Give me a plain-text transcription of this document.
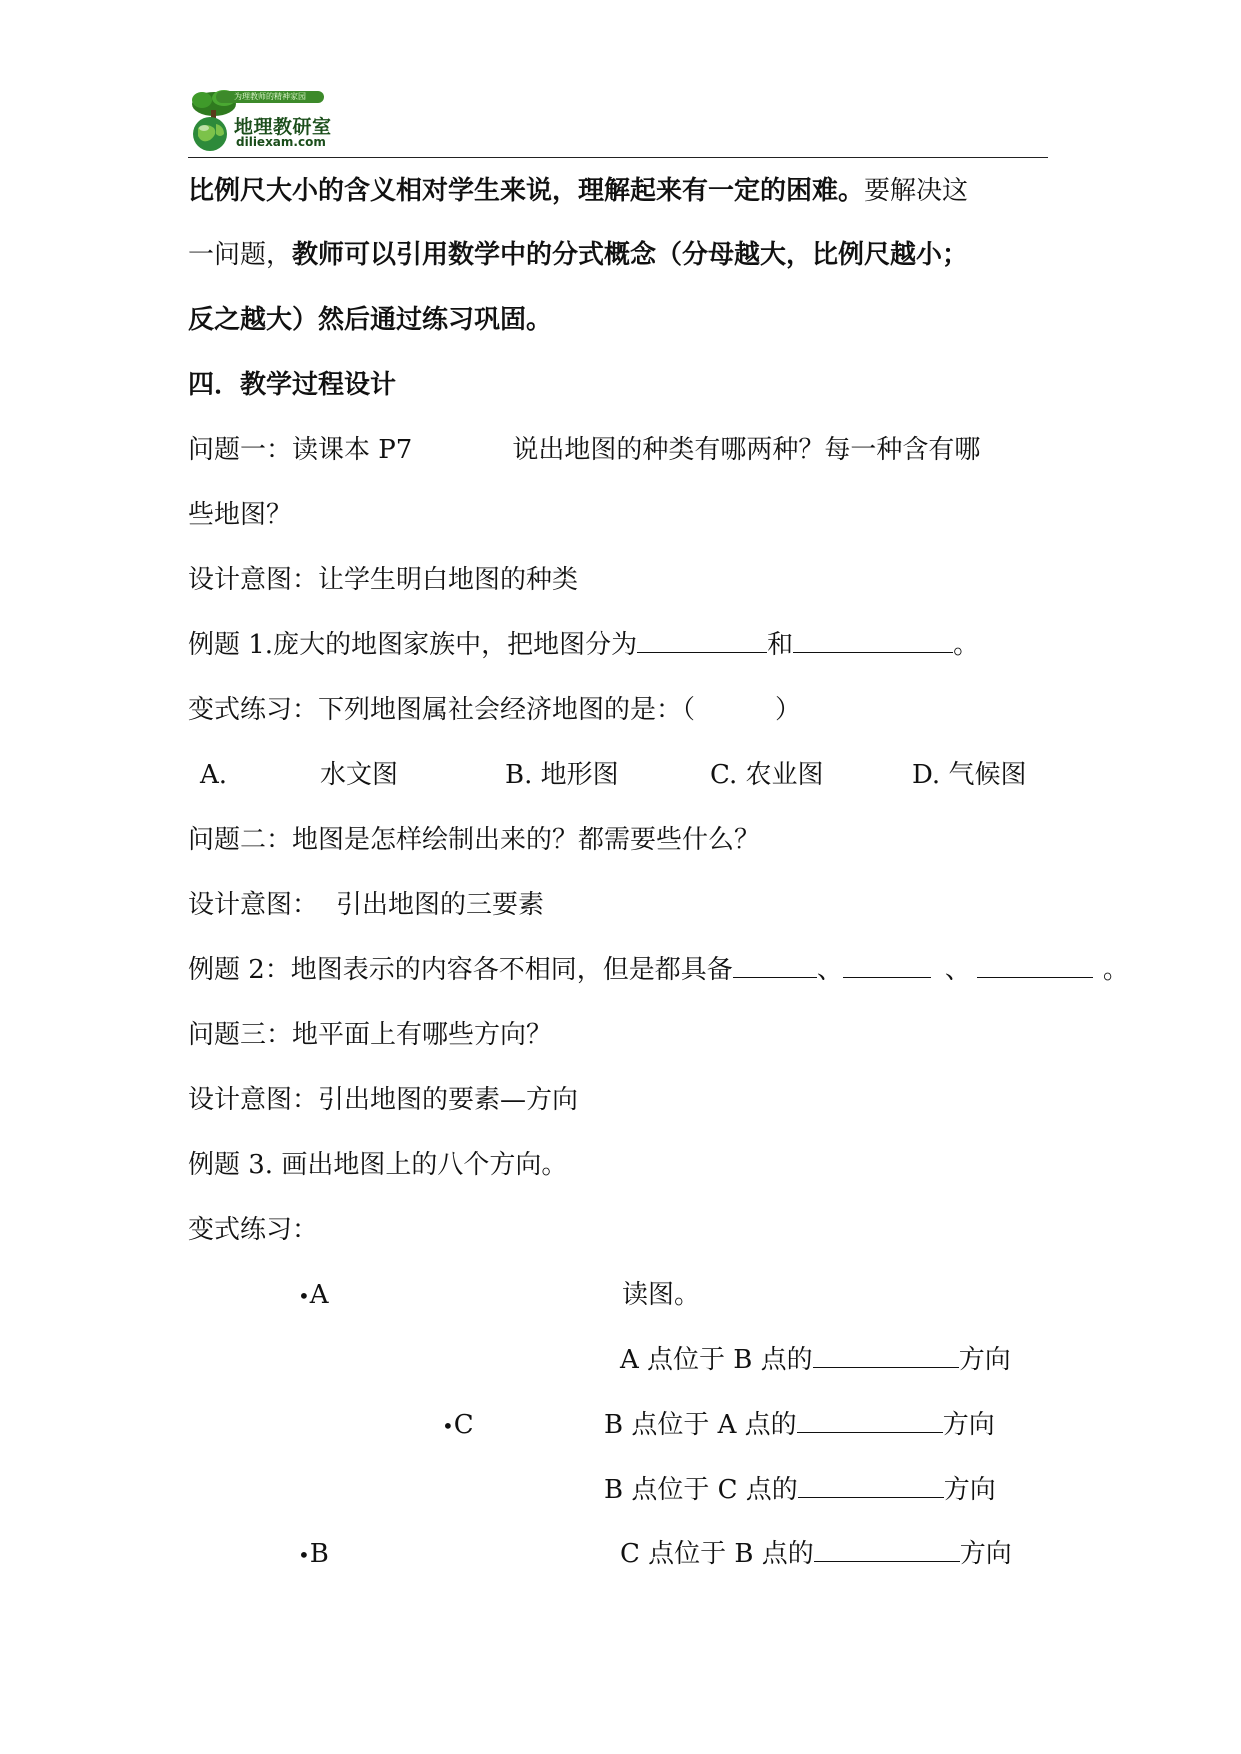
为理教师的精神家园
地理教研室
diliexam.com
比例尺大小的含义相对学生来说，理解起来有一定的困难。要解决这
一问题，教师可以引用数学中的分式概念（分母越大，比例尺越小；
反之越大）然后通过练习巩固。
四．教学过程设计
问题一：读课本 P7	说出地图的种类有哪两种？每一种含有哪
些地图？
设计意图：让学生明白地图的种类
例题 1.庞大的地图家族中，把地图分为	和	。
变式练习：下列地图属社会经济地图的是：（	）
A.	水文图	B. 地形图	C. 农业图	D. 气候图
问题二：地图是怎样绘制出来的？都需要些什么？
设计意图： 引出地图的三要素
例题 2：地图表示的内容各不相同，但是都具备	、	、	。
问题三：地平面上有哪些方向？
设计意图：引出地图的要素—方向
例题 3. 画出地图上的八个方向。
变式练习：
•A
•C
•B
读图。
A 点位于 B 点的	方向
B 点位于 A 点的	方向
B 点位于 C 点的	方向
C 点位于 B 点的	方向
